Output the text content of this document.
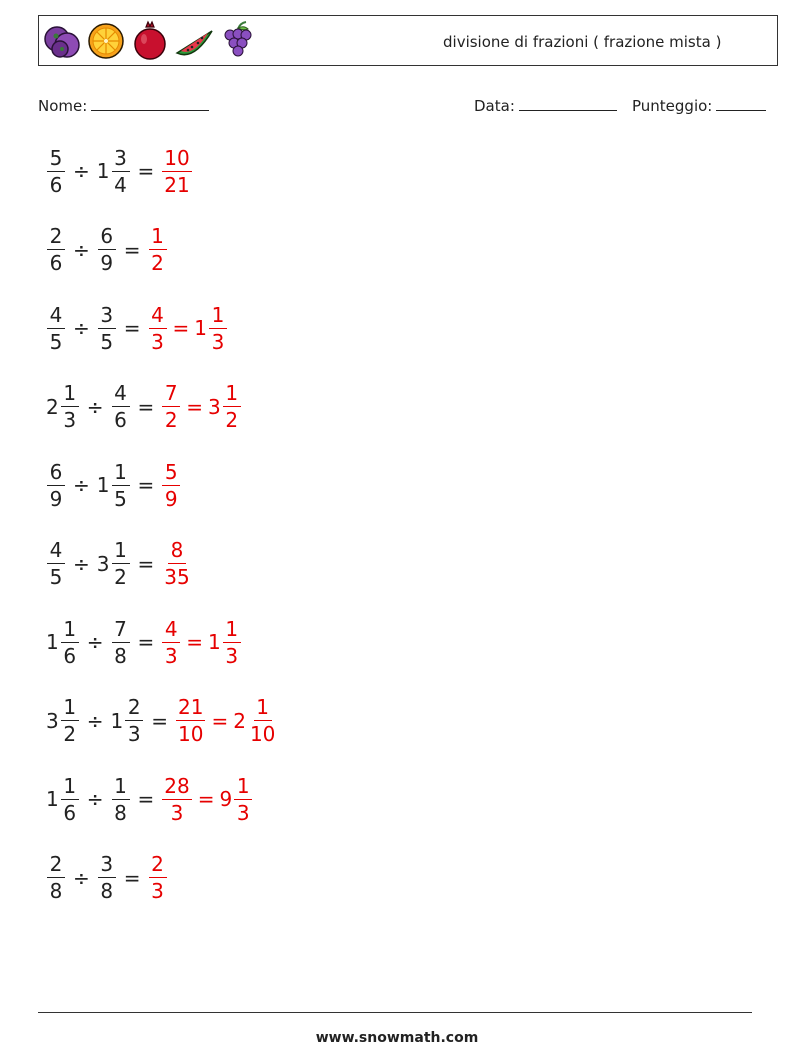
divisione di frazioni ( frazione mista )
Nome:	Data:	Punteggio:
$\frac{5}{6} \div 1 \frac{3}{4} = \frac{10}{21}$
$\frac{2}{6} \div \frac{6}{9} = \frac{1}{2}$
$\frac{4}{5} \div \frac{3}{5} = \frac{4}{3} = 1 \frac{1}{3}$
$2 \frac{1}{3} \div \frac{4}{6} = \frac{7}{2} = 3 \frac{1}{2}$
$\frac{6}{9} \div 1 \frac{1}{5} = \frac{5}{9}$
$\frac{4}{5} \div 3 \frac{1}{2} = \frac{8}{35}$
$1 \frac{1}{6} \div \frac{7}{8} = \frac{4}{3} = 1 \frac{1}{3}$
$3 \frac{1}{2} \div 1 \frac{2}{3} = \frac{21}{10} = 2 \frac{1}{10}$
$1 \frac{1}{6} \div \frac{1}{8} = \frac{28}{3} = 9 \frac{1}{3}$
$\frac{2}{8} \div \frac{3}{8} = \frac{2}{3}$
www.snowmath.com
